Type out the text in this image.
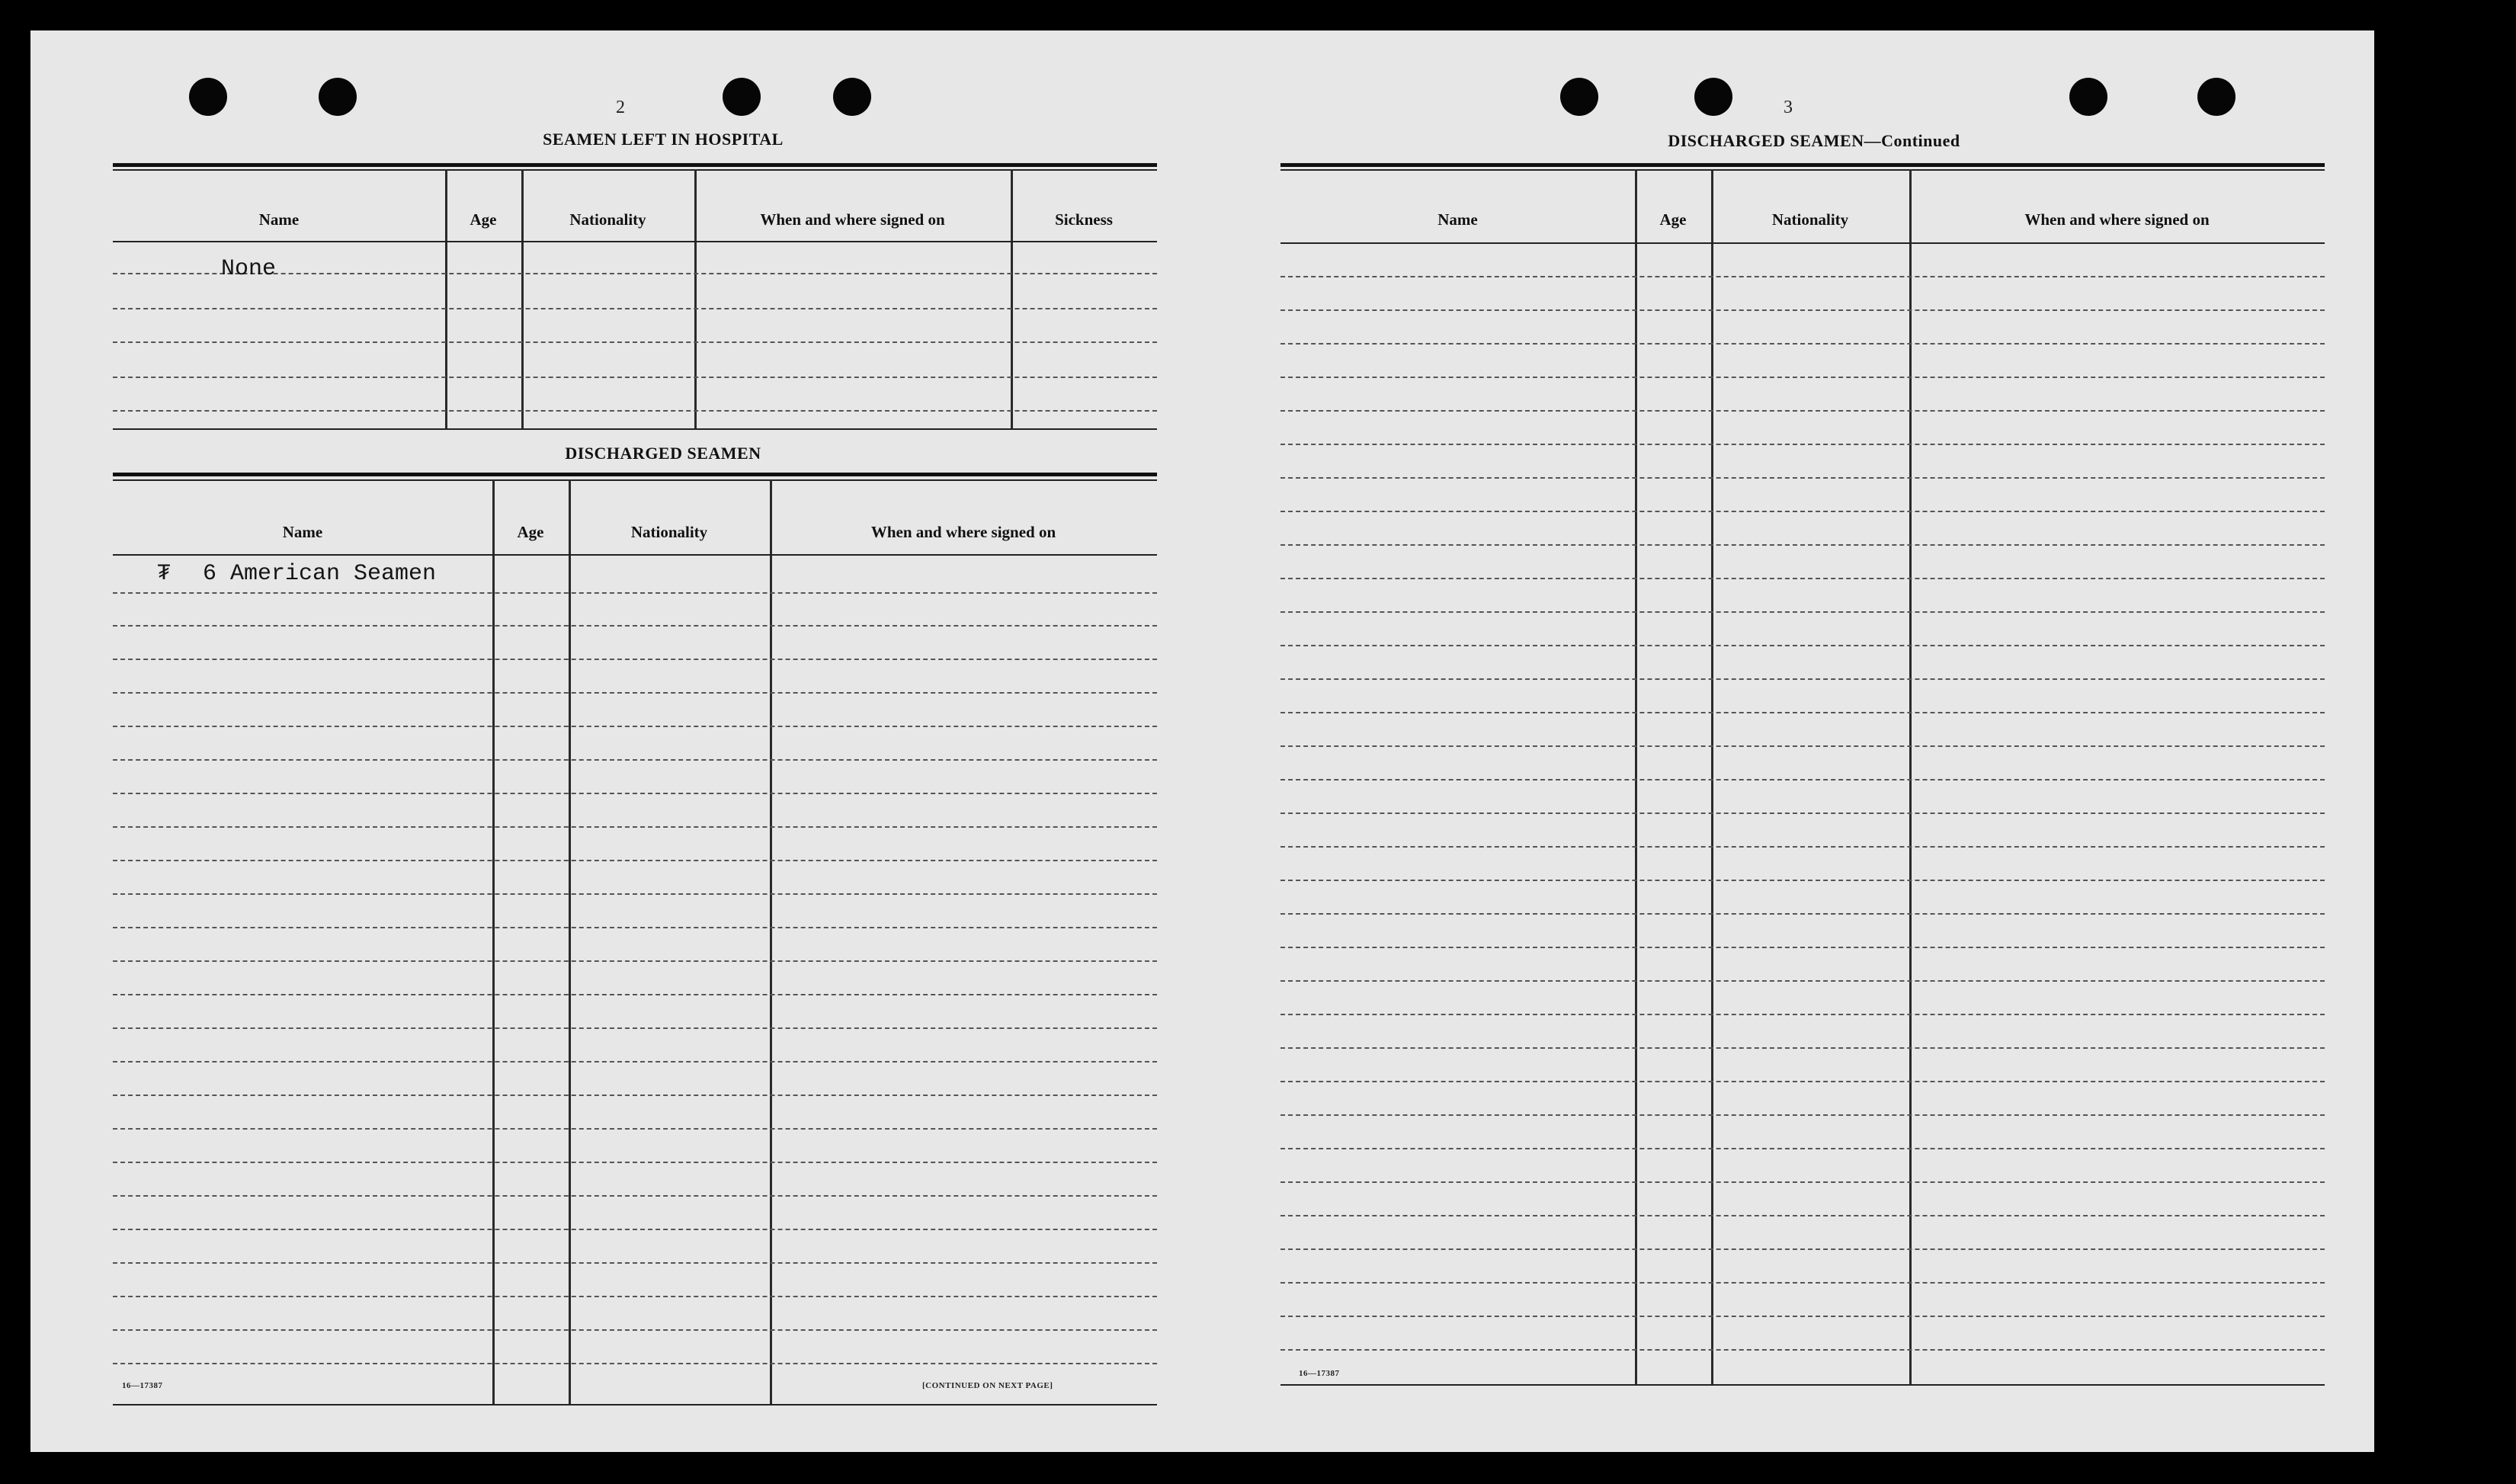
2
SEAMEN LEFT IN HOSPITAL
Name	Age	Nationality	When and where signed on	Sickness
None
DISCHARGED SEAMEN
Name	Age	Nationality	When and where signed on
₮ 6 American Seamen
16—17387	[CONTINUED ON NEXT PAGE]
3
DISCHARGED SEAMEN—Continued
Name	Age	Nationality	When and where signed on
16—17387
